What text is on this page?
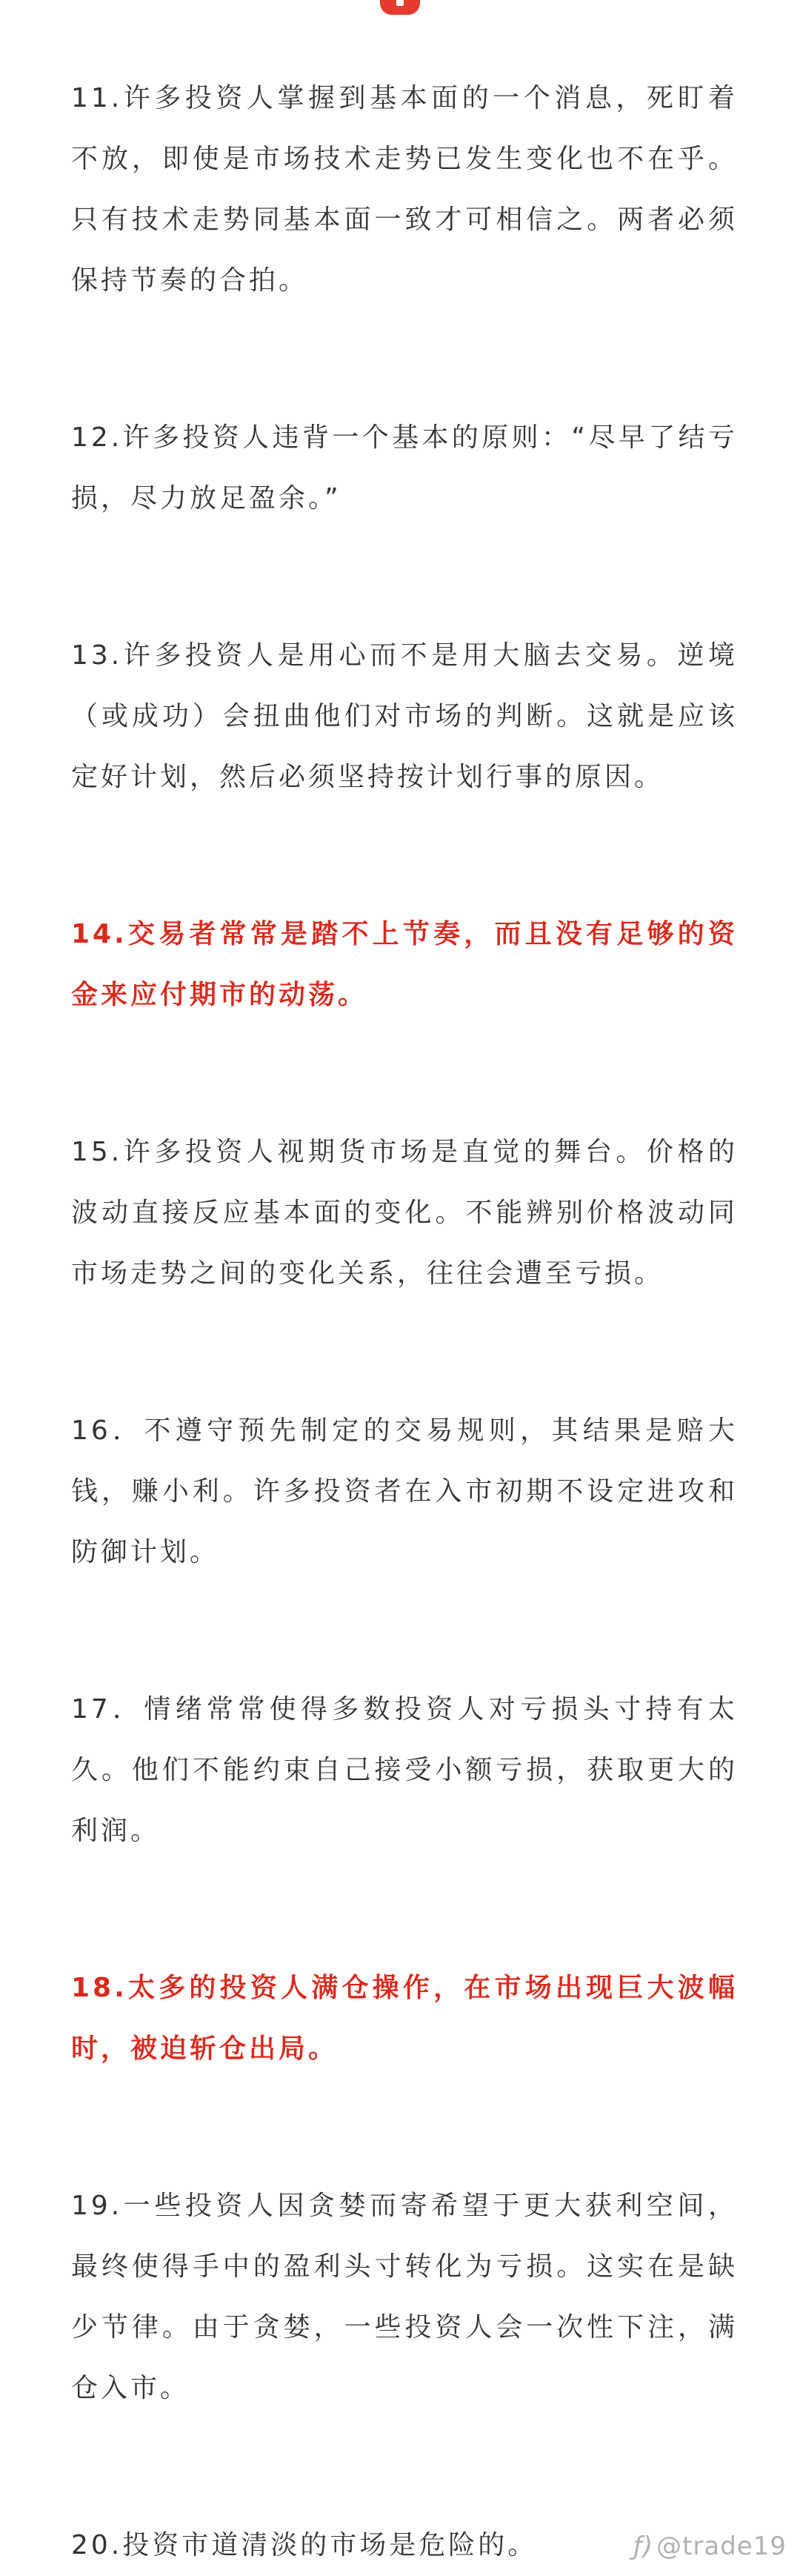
11.许多投资人掌握到基本面的一个消息，死盯着不放，即使是市场技术走势已发生变化也不在乎。只有技术走势同基本面一致才可相信之。两者必须保持节奏的合拍。

12.许多投资人违背一个基本的原则：“尽早了结亏损，尽力放足盈余。”

13.许多投资人是用心而不是用大脑去交易。逆境（或成功）会扭曲他们对市场的判断。这就是应该定好计划，然后必须坚持按计划行事的原因。

14.交易者常常是踏不上节奏，而且没有足够的资金来应付期市的动荡。

15.许多投资人视期货市场是直觉的舞台。价格的波动直接反应基本面的变化。不能辨别价格波动同市场走势之间的变化关系，往往会遭至亏损。

16．不遵守预先制定的交易规则，其结果是赔大钱，赚小利。许多投资者在入市初期不设定进攻和防御计划。

17．情绪常常使得多数投资人对亏损头寸持有太久。他们不能约束自己接受小额亏损，获取更大的利润。

18.太多的投资人满仓操作，在市场出现巨大波幅时，被迫斩仓出局。

19.一些投资人因贪婪而寄希望于更大获利空间，最终使得手中的盈利头寸转化为亏损。这实在是缺少节律。由于贪婪，一些投资人会一次性下注，满仓入市。

20.投资市道清淡的市场是危险的。	ƒ) @trade19
